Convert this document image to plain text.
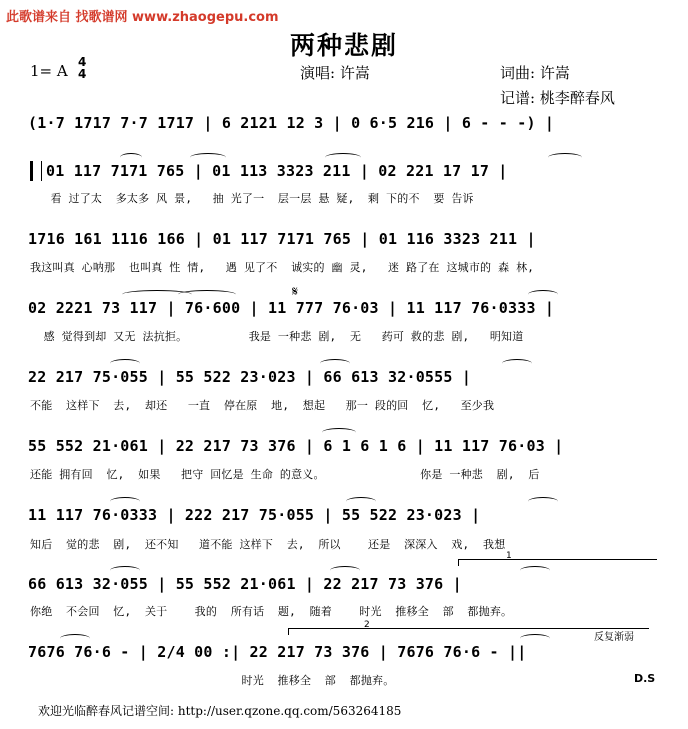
此歌谱来自 找歌谱网 www.zhaogepu.com
两种悲剧
1= A 4
4	演唱: 许嵩	词曲: 许嵩
记谱: 桃李醉春风
(1·7 1717 7·7 1717 | 6 2121 12 3 | 0 6·5 216 | 6 - - -) |
01 117 7171 765 | 01 113 3323 211 | 02 221 17 17 |
看 过了太  多太多 风 景,   抽 光了一  层一层 悬 疑,  剩 下的不  要 告诉
1716 161 1116 166 | 01 117 7171 765 | 01 116 3323 211 |
我这叫真 心呐那  也叫真 性 情,   遇 见了不  诚实的 幽 灵,   迷 路了在 这城市的 森 林,
𝄋
02 2221 73 117 | 76·600 | 11 777 76·03 | 11 117 76·0333 |
感 觉得到却 又无 法抗拒。         我是 一种悲 剧,  无   药可 救的悲 剧,   明知道
22 217 75·055 | 55 522 23·023 | 66 613 32·0555 |
不能  这样下  去,  却还   一直  停在原  地,  想起   那一 段的回  忆,   至少我
55 552 21·061 | 22 217 73 376 | 6 1 6 1 6 | 11 117 76·03 |
还能 拥有回  忆,  如果   把守 回忆是 生命 的意义。              你是 一种悲  剧,  后
11 117 76·0333 | 222 217 75·055 | 55 522 23·023 |
知后  觉的悲  剧,  还不知   道不能 这样下  去,  所以    还是  深深入  戏,  我想
1
66 613 32·055 | 55 552 21·061 | 22 217 73 376 |
你绝  不会回  忆,  关于    我的  所有话  题,  随着    时光  推移全  部  都抛弃。
2
反复渐弱
7676 76·6 - | 2/4 00 :| 22 217 73 376 | 7676 76·6 - ||
时光  推移全  部  都抛弃。	D.S
欢迎光临醉春风记谱空间: http://user.qzone.qq.com/563264185
